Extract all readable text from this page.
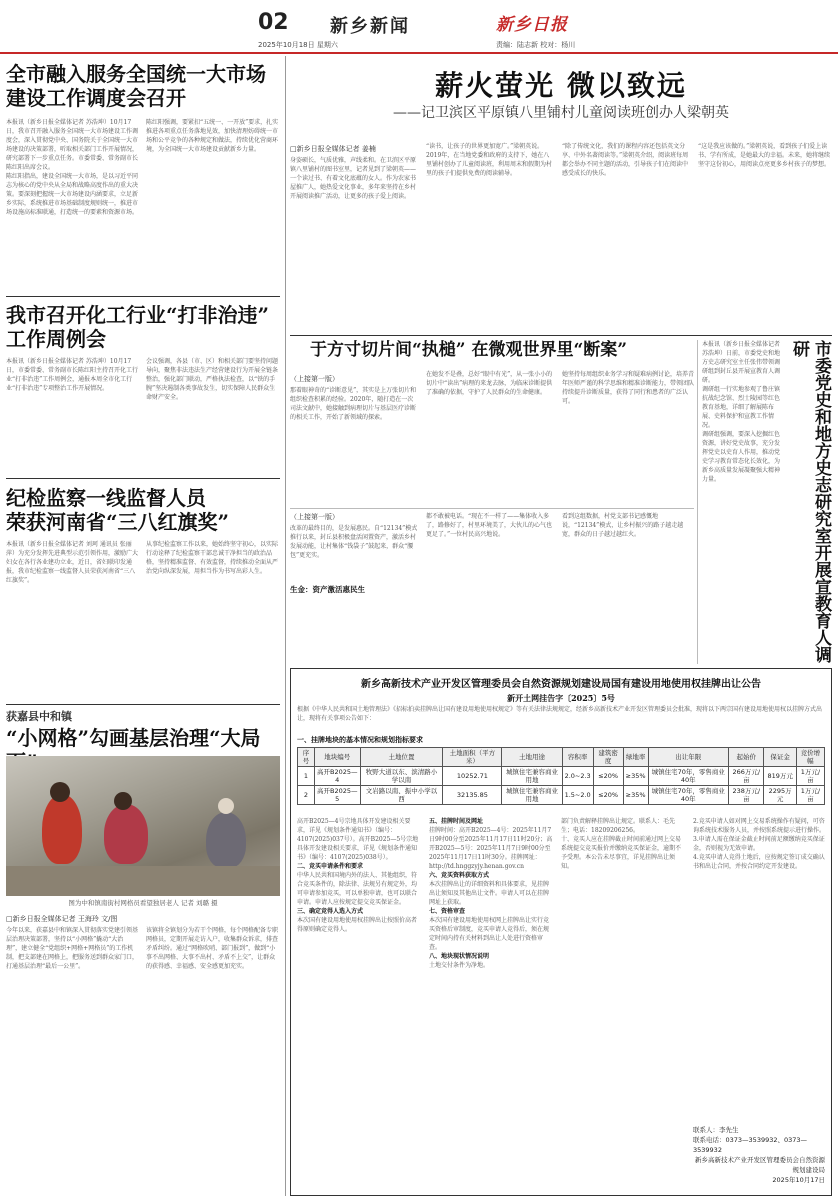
02 新乡新闻
2025年10月18日 星期六
新乡日报
责编：陆志新 校对：杨川
全市融入服务全国统一大市场
建设工作调度会召开
本报讯（新乡日报全媒体记者 苏浩坤）10月17日，我市召开融入服务全国统一大市场建设工作调度会，深入贯彻党中央、国务院关于全国统一大市场建设的决策部署，听取相关部门工作开展情况，研究部署下一步重点任务。市委常委、常务副市长陈红阳出席会议。
陈红阳指出，建设全国统一大市场，是以习近平同志为核心的党中央从全局和战略高度作出的重大决策。要深刻把握统一大市场建设内涵要求，立足新乡实际，系统推进市场基础制度规则统一，推进市场设施高标准联通，打造统一的要素和资源市场。
陈红阳强调，要紧扣“五统一、一开放”要求，扎实推进各项重点任务落地见效，加快清理妨碍统一市场和公平竞争的各种规定和做法，持续优化营商环境，为全国统一大市场建设贡献新乡力量。
我市召开化工行业“打非治违”
工作周例会
本报讯（新乡日报全媒体记者 苏浩坤）10月17日，市委常委、常务副市长陈红阳主持召开化工行业“打非治违”工作周例会，通报本周全市化工行业“打非治违”专项整治工作开展情况。
会议强调，各县（市、区）和相关部门要坚持问题导向，聚焦非法违法生产经营建设行为开展全链条整治，强化部门联动，严格执法检查，以“铁的手腕”坚决遏制各类事故发生，切实保障人民群众生命财产安全。
纪检监察一线监督人员
荣获河南省“三八红旗奖”
本报讯（新乡日报全媒体记者 刘珂 通讯员 张丽萍）为充分发挥先进典型示范引领作用，激励广大妇女在各行各业建功立业，近日，省妇联印发通报，我市纪检监察一线监督人员荣获河南省“三八红旗奖”。
从事纪检监察工作以来，她始终坚守初心，以实际行动诠释了纪检监察干部忠诚干净担当的政治品格，坚持精准监督、有效监督，持续推动全面从严治党向纵深发展，用担当作为书写出彩人生。
获嘉县中和镇
“小网格”勾画基层治理“大局
图为中和镇南街村网格员看望独居老人 记者 刘璐 摄
□新乡日报全媒体记者 王海玲 文/图
今年以来，获嘉县中和镇深入贯彻落实党建引领基层治理决策部署，坚持以“小网格”撬动“大治理”，建立健全“党组织+网格+网格员”的工作机制，把支部建在网格上，把服务送到群众家门口，打通基层治理“最后一公里”。
该镇将全镇划分为若干个网格，每个网格配备专职网格员，定期开展走访入户，收集群众诉求，排查矛盾纠纷。通过“网格吹哨、部门报到”，做到“小事不出网格、大事不出村、矛盾不上交”，让群众的获得感、幸福感、安全感更加充实。
薪火萤光 微以致远
——记卫滨区平原镇八里铺村儿童阅读班创办人梁朝英
□新乡日报全媒体记者 姜楠
身姿硕长，气质优雅，声线柔和。在卫滨区平原镇八里铺村的图书室里，记者见到了梁朝英——一个读过书、有着文化底蕴的女人。作为农家书屋推广人，她热爱文化事业，多年来坚持在乡村开展阅读推广活动，让更多的孩子爱上阅读。
“读书，让孩子的世界更加宽广。”梁朝英说。2019年，在当地党委和政府的支持下，她在八里铺村创办了儿童阅读班，利用周末和假期为村里的孩子们提供免费的阅读辅导。
“除了传统文化，我们的课程内容还包括英文分享、中外名著阅读等。”梁朝英介绍，阅读班每周都会举办不同主题的活动，引导孩子们在阅读中感受成长的快乐。
“这是我应该做的。”梁朝英说，看到孩子们爱上读书、学有所成，是她最大的幸福。未来，她将继续坚守这份初心，用阅读点亮更多乡村孩子的梦想。
于方寸切片间“执槌” 在微观世界里“断案”
（上接第一版）
那着眼神奇的“诊断意见”，其实是上万张切片和组织检查积累的经验。2020年，随打造在一次司法文献中，她接触到病理切片与基层医疗诊断的相关工作，开始了新领域的探索。
在她发不是叠，总好“眼中有光”，从一张小小的切片中“读出”病理的来龙去脉，为临床诊断提供了准确的依据，守护了人民群众的生命健康。
她坚持每周组织业务学习和疑难病例讨论，培养青年医师严谨的科学思维和精准诊断能力，带领团队持续提升诊断质量，获得了同行和患者的广泛认可。
（上接第一版）
生金：资产激活惠民生
改革的最终目的，是发展惠民。自“12134”模式推行以来，封丘县积极盘活闲置资产，激活乡村发展动能，让村集体“钱袋子”鼓起来，群众“腰包”更充实。
都不敢被电话。“现在不一样了——集体收入多了，路修好了，村里环境美了，大伙儿的心气也更足了。”一位村民高兴地说。
看到这组数据，村党支部书记感慨地说，“12134”模式，让乡村振兴的路子越走越宽，群众的日子越过越红火。
本报讯（新乡日报全媒体记者 苏浩坤）日前，市委党史和地方史志研究室主任张伟带领调研组到封丘县开展宣教育人调研。
调研组一行实地参观了鲁庄镇抗战纪念馆、烈士陵园等红色教育基地，详细了解展陈布展、史料保护和宣教工作情况。
调研组强调，要深入挖掘红色资源，讲好党史故事，充分发挥党史以史育人作用，推动党史学习教育常态化长效化，为新乡高质量发展凝聚强大精神力量。	市委党史和地方史志研究室开展宣教育人调研
新乡高新技术产业开发区管理委员会自然资源规划建设局国有建设用地使用权挂牌出让公告
新开土网挂告字〔2025〕5号
根据《中华人民共和国土地管理法》《招标拍卖挂牌出让国有建设用地使用权规定》等有关法律法规规定，经新乡高新技术产业开发区管理委员会批准，现将以下两宗国有建设用地使用权以挂牌方式出让，现将有关事项公告如下：
一、挂牌地块的基本情况和规划指标要求
序号	地块编号	土地位置	土地面积（平方米）	土地用途	容积率	建筑密度	绿地率	出让年限	起始价	保证金	竞价增幅
1	高开B2025—4	牧野大道以东、滨清路小学以南	10252.71	城镇住宅兼容商业用地	2.0~2.3	≤20%	≥35%	城镇住宅70年，零售商业40年	266万元/亩	819万元	1万元/亩
2	高开B2025—5	文岩路以南、振中小学以西	32135.85	城镇住宅兼容商业用地	1.5~2.0	≤20%	≥35%	城镇住宅70年，零售商业40年	238万元/亩	2295万元	1万元/亩
高开B2025—4号宗地具体开发建设相关要求，详见《规划条件通知书》（编号：4107(2025)037号）。高开B2025—5号宗地具体开发建设相关要求，详见《规划条件通知书》（编号：4107(2025)038号）。
二、竞买申请条件和要求
中华人民共和国境内外的法人、其他组织，符合竞买条件的，除法律、法规另有规定外，均可申请参加竞买，可以单独申请，也可以联合申请。申请人应按规定提交竞买保证金。
三、确定竞得人选入方式
本次国有建设用地使用权挂牌出让按照价高者得原则确定竞得人。
五、挂牌时间及网址
挂牌时间：高开B2025—4号：2025年11月7日9时00分至2025年11月17日11时20分；高开B2025—5号：2025年11月7日9时00分至2025年11月17日11时30分。挂牌网址：http://td.hnggzyjy.henan.gov.cn
六、竞买资料获取方式
本次挂牌出让的详细资料和具体要求，见挂牌出让须知及其他出让文件。申请人可以在挂牌网址上获取。
七、资格审查
本次国有建设用地使用权网上挂牌出让实行竞买资格后审制度，竞买申请人竞得后，须在规定时间内持有关材料到出让人处进行资格审查。
八、地块现状情况说明
土地交付条件为净地。
部门负责解释挂牌出让规定。联系人：毛先生；电话：18209206256。
十、竞买人应在挂牌截止时间前通过网上交易系统提交竞买报价并缴纳竞买保证金，逾期不予受理。本公告未尽事宜，详见挂牌出让须知。
2.竞买申请人如对网上交易系统操作有疑问，可咨询系统技术服务人员，并按照系统提示进行操作。
3.申请人需在保证金截止时间前足额缴纳竞买保证金，否则视为无效申请。
4.竞买申请人竞得土地后，应按规定签订成交确认书和出让合同，并按合同约定开发建设。
联系人：李先生
联系电话：0373—3539932、0373—3539932
新乡高新技术产业开发区管理委员会自然资源规划建设局
2025年10月17日
